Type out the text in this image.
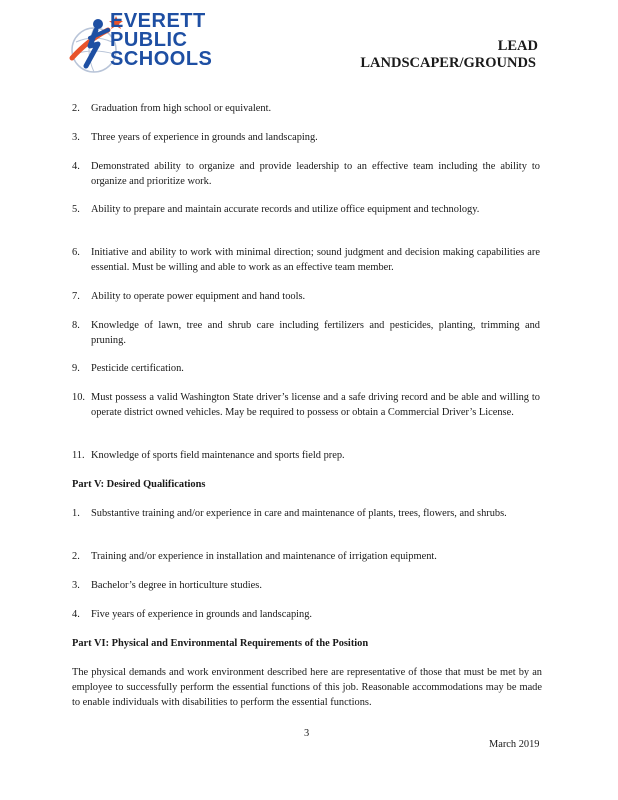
EVERETT
PUBLIC
SCHOOLS
LEAD
LANDSCAPER/GROUNDS
2.	Graduation from high school or equivalent.
3.	Three years of experience in grounds and landscaping.
4.	Demonstrated ability to organize and provide leadership to an effective team including the ability to organize and prioritize work.
5.	Ability to prepare and maintain accurate records and utilize office equipment and technology.
6.	Initiative and ability to work with minimal direction; sound judgment and decision making capabilities are essential. Must be willing and able to work as an effective team member.
7.	Ability to operate power equipment and hand tools.
8.	Knowledge of lawn, tree and shrub care including fertilizers and pesticides, planting, trimming and pruning.
9.	Pesticide certification.
10. Must possess a valid Washington State driver’s license and a safe driving record and be able and willing to operate district owned vehicles. May be required to possess or obtain a Commercial Driver’s License.
11. Knowledge of sports field maintenance and sports field prep.
Part V: Desired Qualifications
1.	Substantive training and/or experience in care and maintenance of plants, trees, flowers, and shrubs.
2.	Training and/or experience in installation and maintenance of irrigation equipment.
3.	Bachelor’s degree in horticulture studies.
4.	Five years of experience in grounds and landscaping.
Part VI: Physical and Environmental Requirements of the Position
The physical demands and work environment described here are representative of those that must be met by an employee to successfully perform the essential functions of this job. Reasonable accommodations may be made to enable individuals with disabilities to perform the essential functions.
3
March 2019
